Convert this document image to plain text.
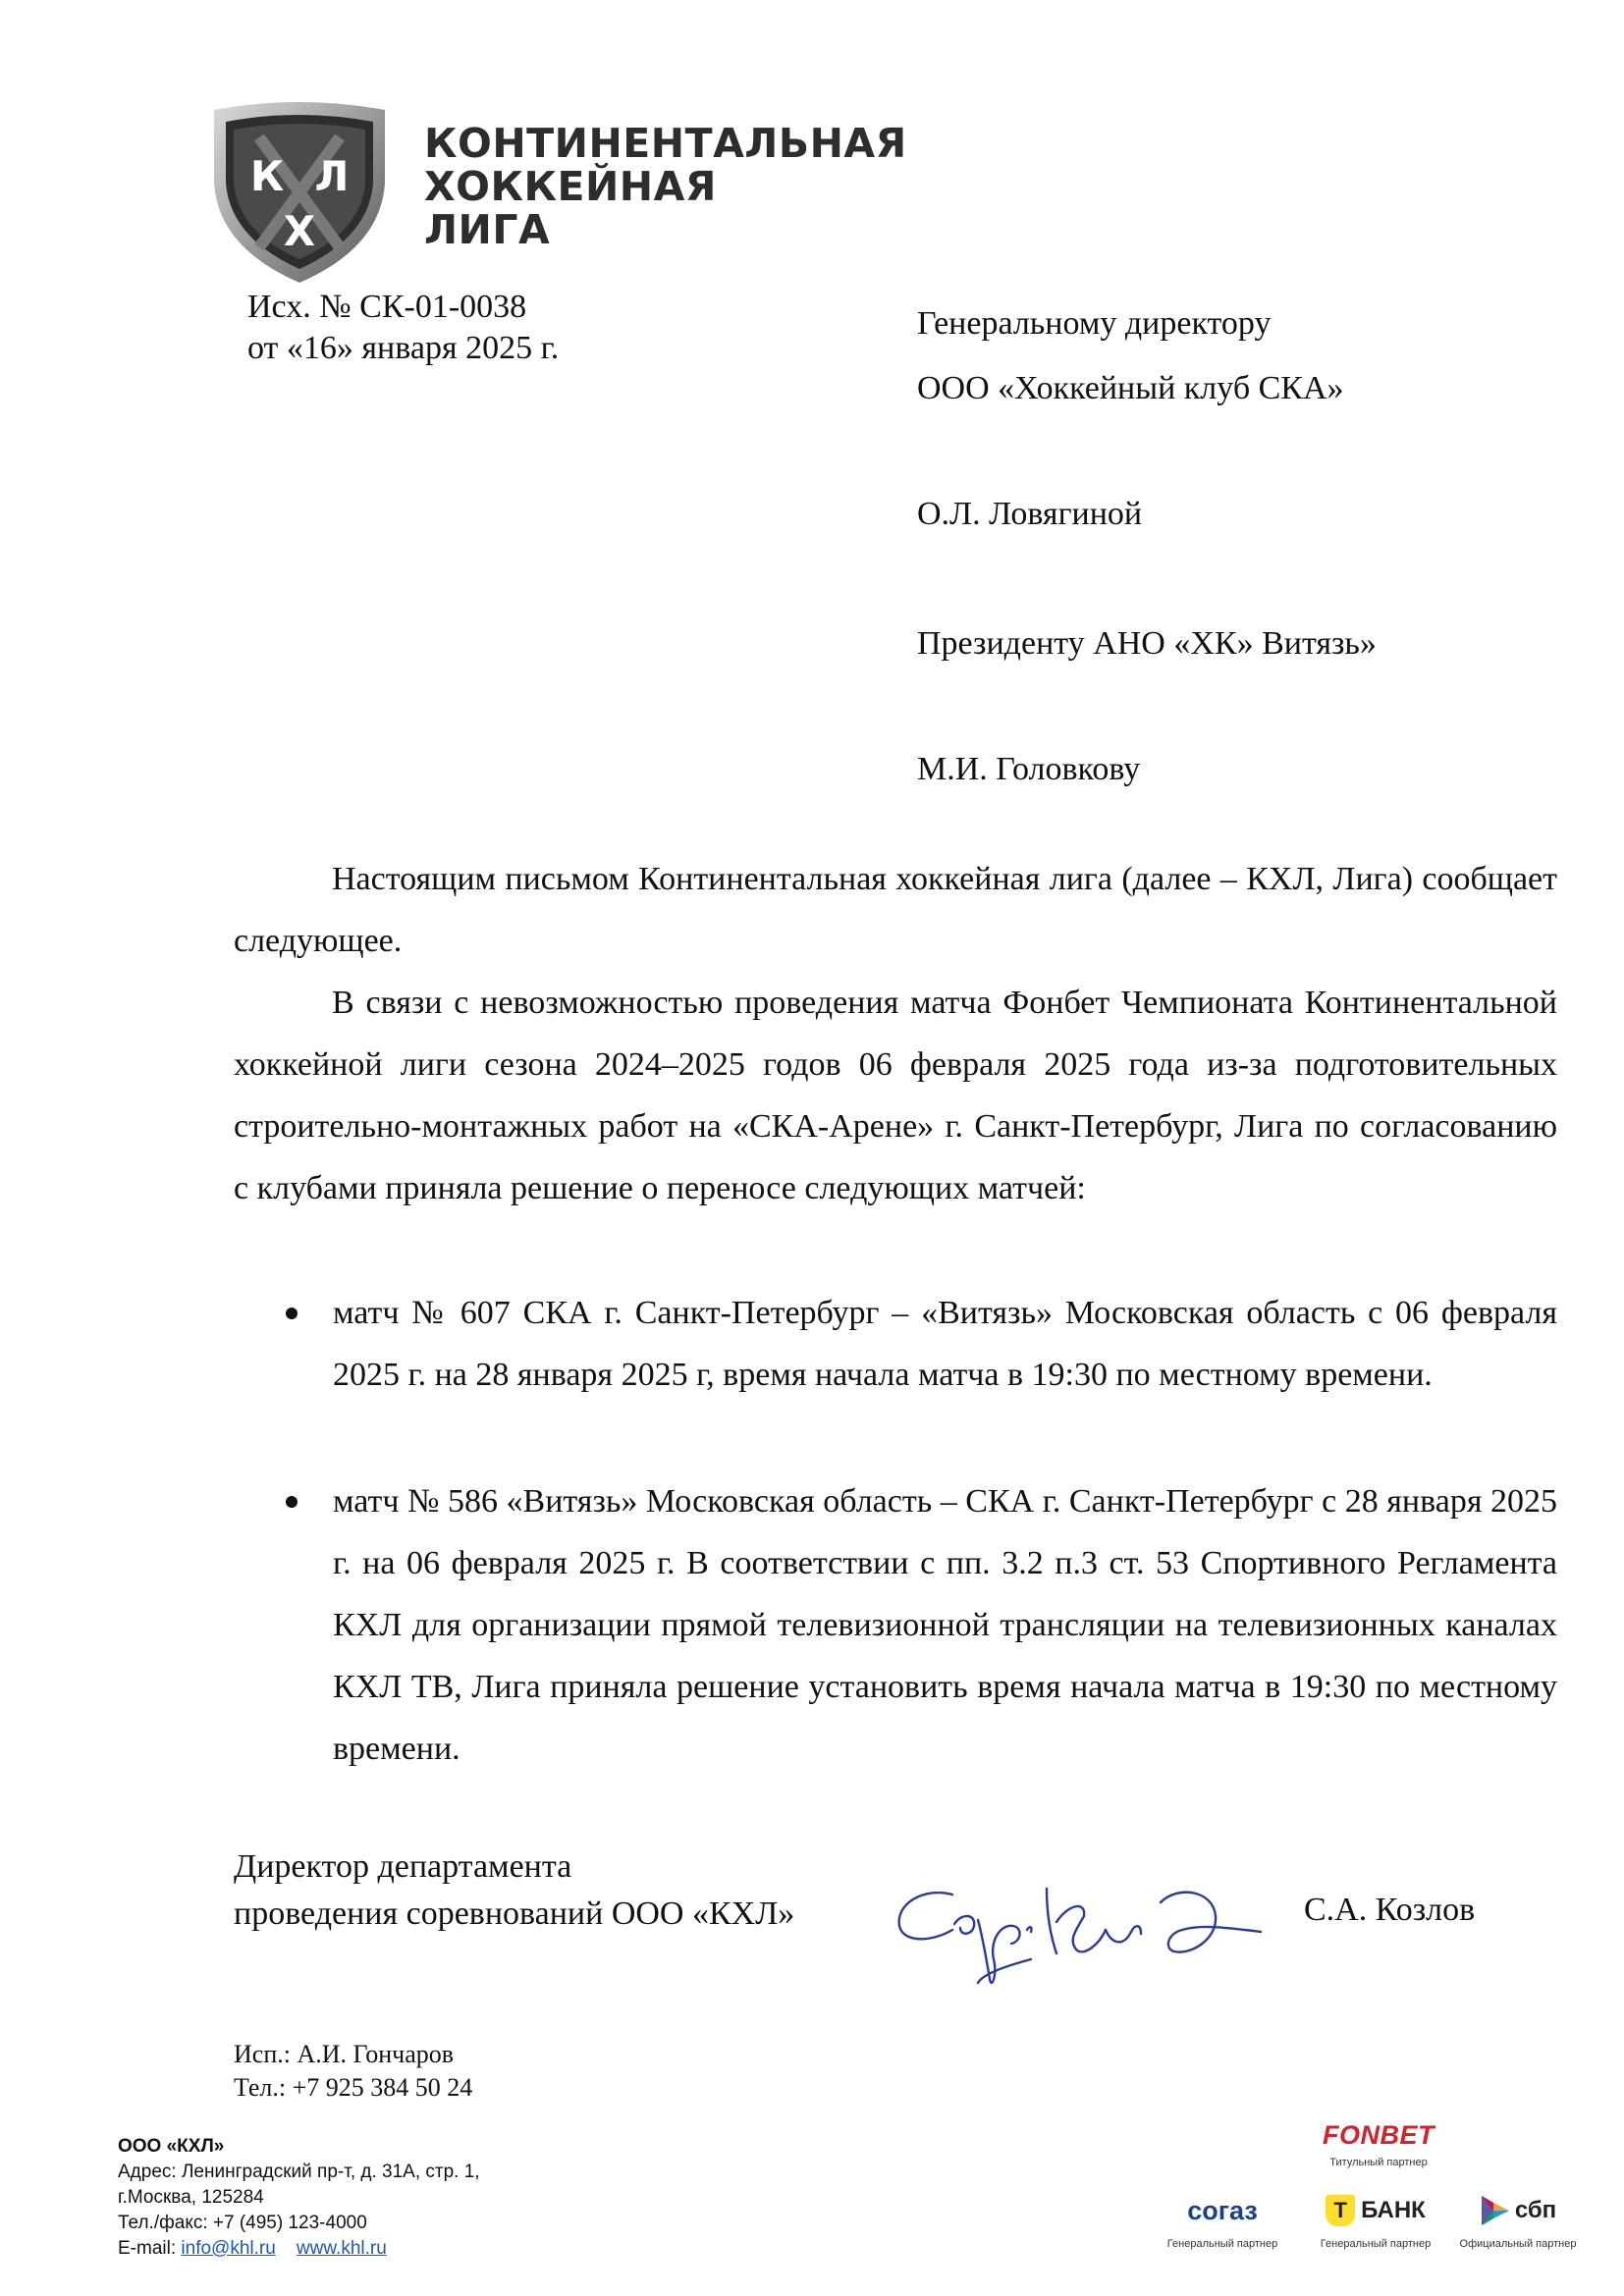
К Л
Х
КОНТИНЕНТАЛЬНАЯ
ХОККЕЙНАЯ
ЛИГА
Исх. № СК-01-0038
от «16» января 2025 г.
Генеральному директору
ООО «Хоккейный клуб СКА»
О.Л. Ловягиной
Президенту АНО «ХК» Витязь»
М.И. Головкову
Настоящим письмом Континентальная хоккейная лига (далее – КХЛ, Лига) сообщает следующее.
В связи с невозможностью проведения матча Фонбет Чемпионата Континентальной хоккейной лиги сезона 2024–2025 годов 06 февраля 2025 года из-за подготовительных строительно-монтажных работ на «СКА-Арене» г. Санкт-Петербург, Лига по согласованию с клубами приняла решение о переносе следующих матчей:
матч № 607 СКА г. Санкт-Петербург – «Витязь» Московская область с 06 февраля 2025 г. на 28 января 2025 г, время начала матча в 19:30 по местному времени.
матч № 586 «Витязь» Московская область – СКА г. Санкт-Петербург с 28 января 2025 г. на 06 февраля 2025 г. В соответствии с пп. 3.2 п.3 ст. 53 Спортивного Регламента КХЛ для организации прямой телевизионной трансляции на телевизионных каналах КХЛ ТВ, Лига приняла решение установить время начала матча в 19:30 по местному времени.
Директор департамента
проведения соревнований ООО «КХЛ»	С.А. Козлов
Исп.: А.И. Гончаров
Тел.: +7 925 384 50 24
ООО «КХЛ»
Адрес: Ленинградский пр-т, д. 31А, стр. 1,
г.Москва, 125284
Тел./факс: +7 (495) 123-4000
E-mail: info@khl.ru www.khl.ru
FONBET
Титульный партнер
согаз
Генеральный партнер
Т БАНК
Генеральный партнер
сбп
Официальный партнер
